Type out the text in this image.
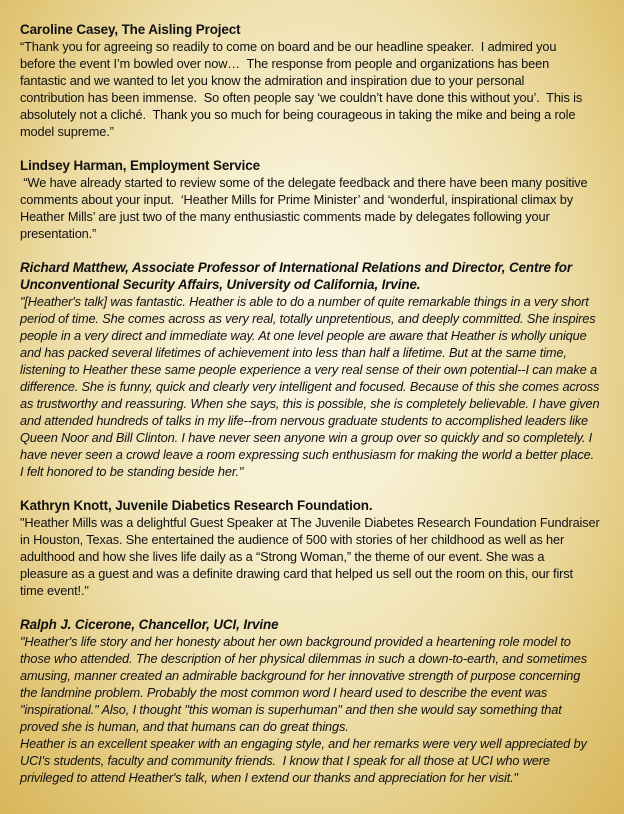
Caroline Casey, The Aisling Project
“Thank you for agreeing so readily to come on board and be our headline speaker.  I admired you
before the event I’m bowled over now…  The response from people and organizations has been
fantastic and we wanted to let you know the admiration and inspiration due to your personal
contribution has been immense.  So often people say ‘we couldn’t have done this without you’.  This is
absolutely not a cliché.  Thank you so much for being courageous in taking the mike and being a role
model supreme.”
Lindsey Harman, Employment Service
“We have already started to review some of the delegate feedback and there have been many positive
comments about your input.  ‘Heather Mills for Prime Minister’ and ‘wonderful, inspirational climax by
Heather Mills’ are just two of the many enthusiastic comments made by delegates following your
presentation.”
Richard Matthew, Associate Professor of International Relations and Director, Centre for
Unconventional Security Affairs, University od California, Irvine.
"[Heather's talk] was fantastic. Heather is able to do a number of quite remarkable things in a very short
period of time. She comes across as very real, totally unpretentious, and deeply committed. She inspires
people in a very direct and immediate way. At one level people are aware that Heather is wholly unique
and has packed several lifetimes of achievement into less than half a lifetime. But at the same time,
listening to Heather these same people experience a very real sense of their own potential--I can make a
difference. She is funny, quick and clearly very intelligent and focused. Because of this she comes across
as trustworthy and reassuring. When she says, this is possible, she is completely believable. I have given
and attended hundreds of talks in my life--from nervous graduate students to accomplished leaders like
Queen Noor and Bill Clinton. I have never seen anyone win a group over so quickly and so completely. I
have never seen a crowd leave a room expressing such enthusiasm for making the world a better place.
I felt honored to be standing beside her."
Kathryn Knott, Juvenile Diabetics Research Foundation.
"Heather Mills was a delightful Guest Speaker at The Juvenile Diabetes Research Foundation Fundraiser
in Houston, Texas. She entertained the audience of 500 with stories of her childhood as well as her
adulthood and how she lives life daily as a “Strong Woman,” the theme of our event. She was a
pleasure as a guest and was a definite drawing card that helped us sell out the room on this, our first
time event!."
Ralph J. Cicerone, Chancellor, UCI, Irvine
"Heather's life story and her honesty about her own background provided a heartening role model to
those who attended. The description of her physical dilemmas in such a down-to-earth, and sometimes
amusing, manner created an admirable background for her innovative strength of purpose concerning
the landmine problem. Probably the most common word I heard used to describe the event was
"inspirational." Also, I thought "this woman is superhuman" and then she would say something that
proved she is human, and that humans can do great things.
Heather is an excellent speaker with an engaging style, and her remarks were very well appreciated by
UCI's students, faculty and community friends.  I know that I speak for all those at UCI who were
privileged to attend Heather's talk, when I extend our thanks and appreciation for her visit."
